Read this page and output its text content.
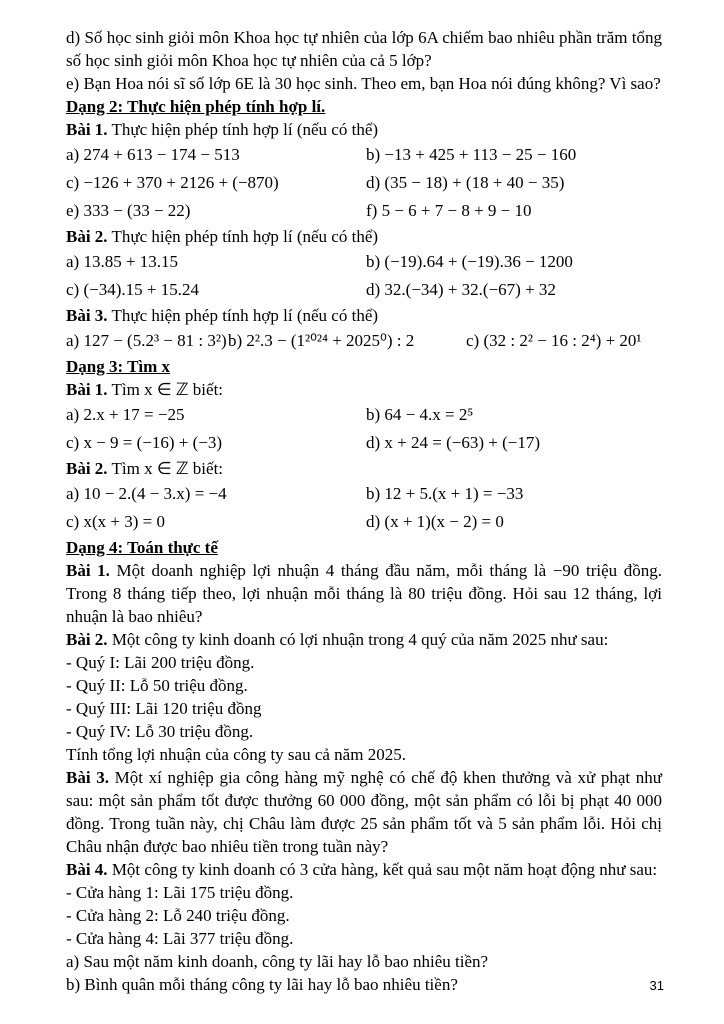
d) Số học sinh giỏi môn Khoa học tự nhiên của lớp 6A chiếm bao nhiêu phần trăm tổng số học sinh giỏi môn Khoa học tự nhiên của cả 5 lớp?

e) Bạn Hoa nói sĩ số lớp 6E là 30 học sinh. Theo em, bạn Hoa nói đúng không? Vì sao?

Dạng 2: Thực hiện phép tính hợp lí.

Bài 1. Thực hiện phép tính hợp lí (nếu có thể)

a) 274 + 613 − 174 − 513	b) −13 + 425 + 113 − 25 − 160
c) −126 + 370 + 2126 + (−870)	d) (35 − 18) + (18 + 40 − 35)
e) 333 − (33 − 22)	f) 5 − 6 + 7 − 8 + 9 − 10

Bài 2. Thực hiện phép tính hợp lí (nếu có thể)

a) 13.85 + 13.15	b) (−19).64 + (−19).36 − 1200
c) (−34).15 + 15.24	d) 32.(−34) + 32.(−67) + 32

Bài 3. Thực hiện phép tính hợp lí (nếu có thể)

a) 127 − (5.2³ − 81 : 3²) b) 2².3 − (1²⁰²⁴ + 2025⁰) : 2	c) (32 : 2² − 16 : 2⁴) + 20¹
Dạng 3: Tìm x

Bài 1. Tìm x ∈ ℤ biết:

a) 2.x + 17 = −25	b) 64 − 4.x = 2⁵
c) x − 9 = (−16) + (−3)	d) x + 24 = (−63) + (−17)

Bài 2. Tìm x ∈ ℤ biết:

a) 10 − 2.(4 − 3.x) = −4	b) 12 + 5.(x + 1) = −33
c) x(x + 3) = 0	d) (x + 1)(x − 2) = 0
Dạng 4: Toán thực tế

Bài 1. Một doanh nghiệp lợi nhuận 4 tháng đầu năm, mỗi tháng là −90 triệu đồng. Trong 8 tháng tiếp theo, lợi nhuận mỗi tháng là 80 triệu đồng. Hỏi sau 12 tháng, lợi nhuận là bao nhiêu?

Bài 2. Một công ty kinh doanh có lợi nhuận trong 4 quý của năm 2025 như sau:

- Quý I: Lãi 200 triệu đồng.

- Quý II: Lỗ 50 triệu đồng.

- Quý III: Lãi 120 triệu đồng

- Quý IV: Lỗ 30 triệu đồng.

Tính tổng lợi nhuận của công ty sau cả năm 2025.

Bài 3. Một xí nghiệp gia công hàng mỹ nghệ có chế độ khen thưởng và xử phạt như sau: một sản phẩm tốt được thưởng 60 000 đồng, một sản phẩm có lỗi bị phạt 40 000 đồng. Trong tuần này, chị Châu làm được 25 sản phẩm tốt và 5 sản phẩm lỗi. Hỏi chị Châu nhận được bao nhiêu tiền trong tuần này?

Bài 4. Một công ty kinh doanh có 3 cửa hàng, kết quả sau một năm hoạt động như sau:

- Cửa hàng 1: Lãi 175 triệu đồng.

- Cửa hàng 2: Lỗ 240 triệu đồng.

- Cửa hàng 4: Lãi 377 triệu đồng.

a) Sau một năm kinh doanh, công ty lãi hay lỗ bao nhiêu tiền?

b) Bình quân mỗi tháng công ty lãi hay lỗ bao nhiêu tiền?	31
